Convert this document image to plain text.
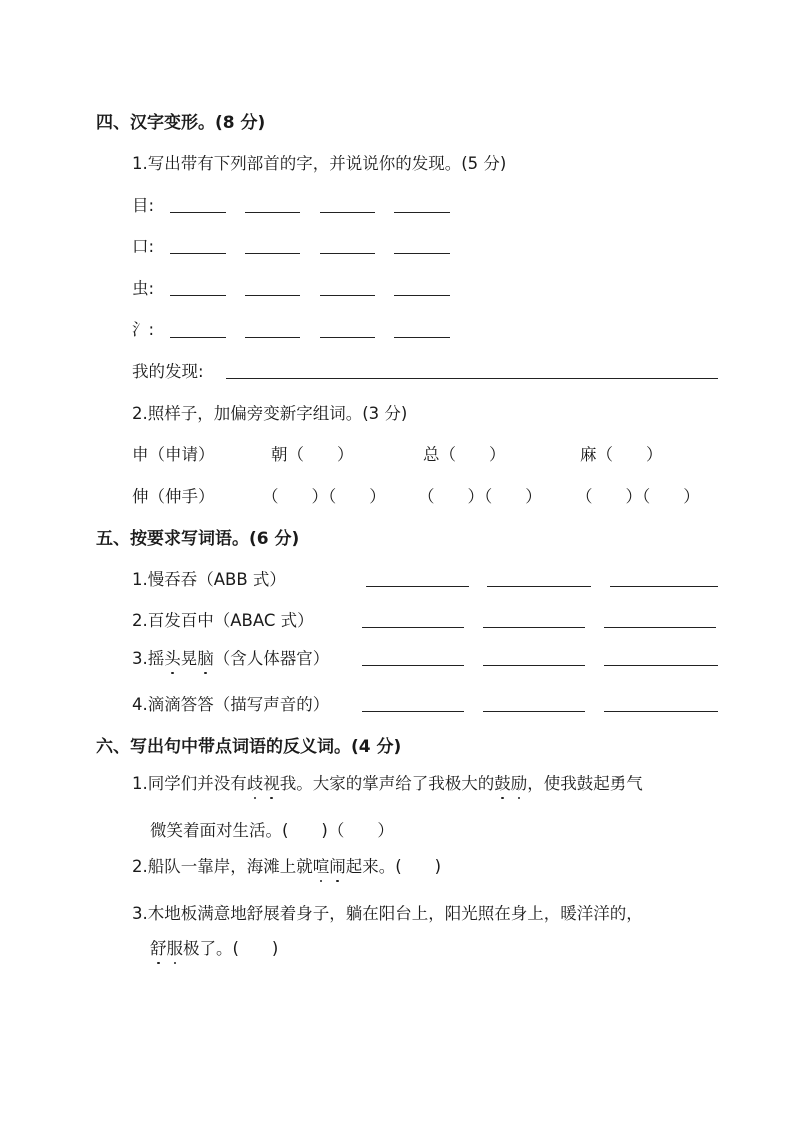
四、汉字变形。(8 分)
1.写出带有下列部首的字，并说说你的发现。(5 分)
目:
口:
虫:
氵:
我的发现:
2.照样子，加偏旁变新字组词。(3 分)
申（申请）	朝（　　）	总（　　）	麻（　　）
伸（伸手）	（　　）（　　） （　　）（　　） （　　）（　　）
五、按要求写词语。(6 分)
1.慢吞吞（ABB 式）
2.百发百中（ABAC 式）
3.摇头晃脑（含人体器官）
4.滴滴答答（描写声音的）
六、写出句中带点词语的反义词。(4 分)
1.同学们并没有歧视我。大家的掌声给了我极大的鼓励，使我鼓起勇气
微笑着面对生活。(　　)（　　）
2.船队一靠岸，海滩上就喧闹起来。(　　)
3.木地板满意地舒展着身子，躺在阳台上，阳光照在身上，暖洋洋的，
舒服极了。(　　)
